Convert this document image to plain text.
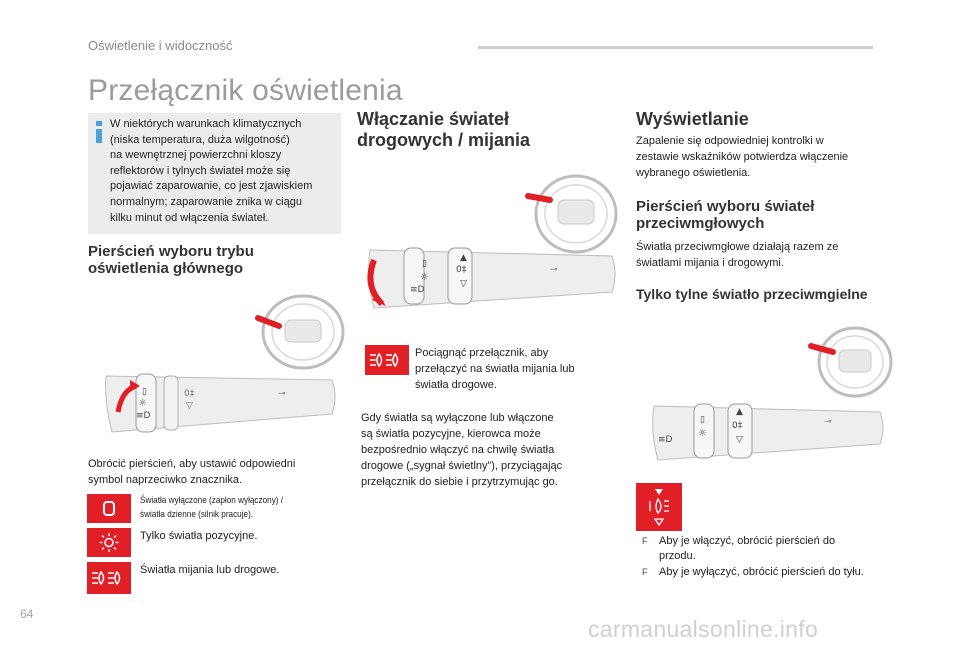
Oświetlenie i widoczność
Przełącznik oświetlenia
W niektórych warunkach klimatycznych
(niska temperatura, duża wilgotność)
na wewnętrznej powierzchni kloszy
reflektorów i tylnych świateł może się
pojawiać zaparowanie, co jest zjawiskiem
normalnym; zaparowanie znika w ciągu
kilku minut od włączenia świateł.
Pierścień wyboru trybu
oświetlenia głównego
▯
☼
≡D
0‡
▽
⊸
Obrócić pierścień, aby ustawić odpowiedni
symbol naprzeciwko znacznika.
Światła wyłączone (zapłon wyłączony) /
światła dzienne (silnik pracuje).
Tylko światła pozycyjne.
Światła mijania lub drogowe.
Włączanie świateł
drogowych / mijania
▯
☼
≡D
▲
0‡
▽
⊸
Pociągnąć przełącznik, aby
przełączyć na światła mijania lub
światła drogowe.
Gdy światła są wyłączone lub włączone
są światła pozycyjne, kierowca może
bezpośrednio włączyć na chwilę światła
drogowe („sygnał świetlny”), przyciągając
przełącznik do siebie i przytrzymując go.
Wyświetlanie
Zapalenie się odpowiedniej kontrolki w
zestawie wskaźników potwierdza włączenie
wybranego oświetlenia.
Pierścień wyboru świateł
przeciwmgłowych
Światła przeciwmgłowe działają razem ze
światłami mijania i drogowymi.
Tylko tylne światło przeciwmgielne
▯
☼
≡D
▲
0‡
▽
⊸
F Aby je włączyć, obrócić pierścień do
przodu.
F Aby je wyłączyć, obrócić pierścień do tyłu.
64
carmanualsonline.info
